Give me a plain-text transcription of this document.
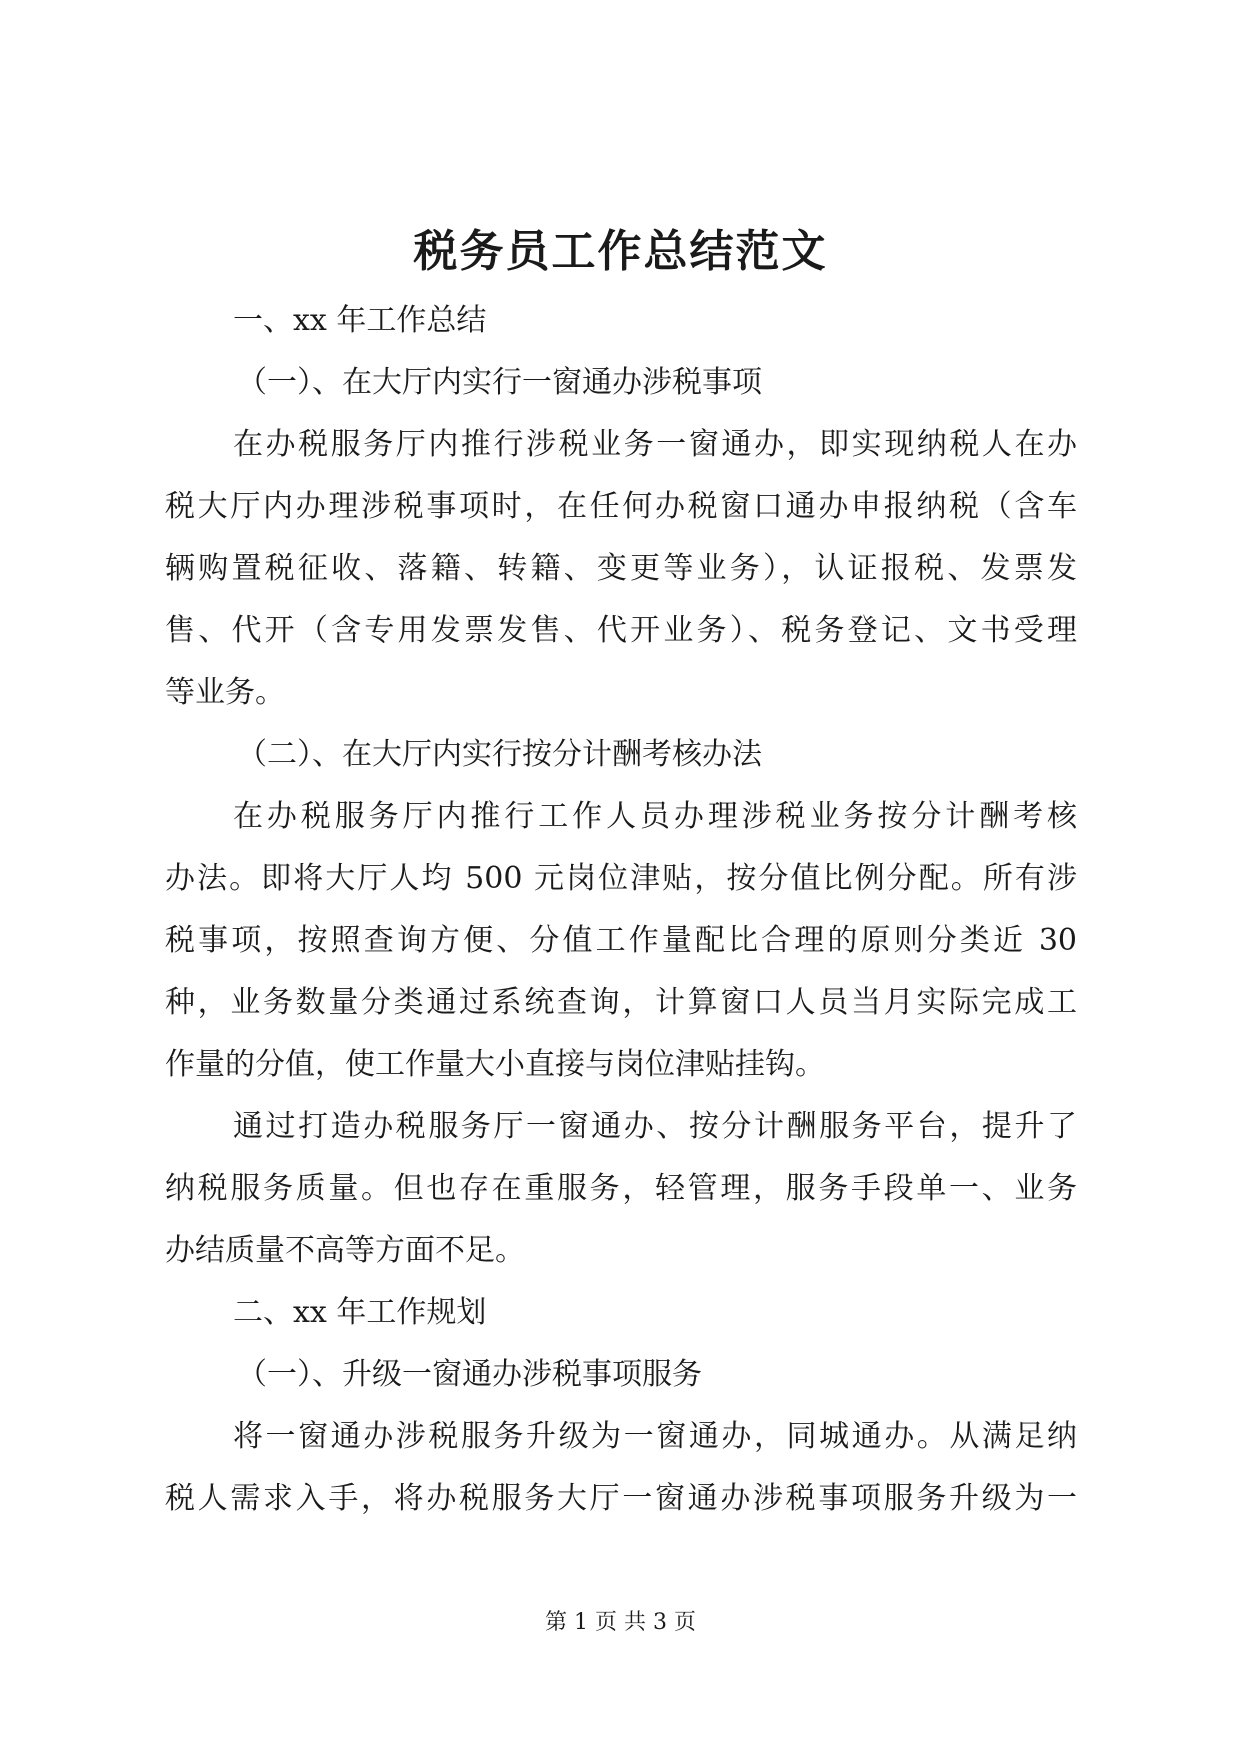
税务员工作总结范文

一、xx 年工作总结

（一）、在大厅内实行一窗通办涉税事项

在办税服务厅内推行涉税业务一窗通办，即实现纳税人在办

税大厅内办理涉税事项时，在任何办税窗口通办申报纳税（含车

辆购置税征收、落籍、转籍、变更等业务），认证报税、发票发

售、代开（含专用发票发售、代开业务）、税务登记、文书受理

等业务。

（二）、在大厅内实行按分计酬考核办法

在办税服务厅内推行工作人员办理涉税业务按分计酬考核

办法。即将大厅人均 500 元岗位津贴，按分值比例分配。所有涉

税事项，按照查询方便、分值工作量配比合理的原则分类近 30

种，业务数量分类通过系统查询，计算窗口人员当月实际完成工

作量的分值，使工作量大小直接与岗位津贴挂钩。

通过打造办税服务厅一窗通办、按分计酬服务平台，提升了

纳税服务质量。但也存在重服务，轻管理，服务手段单一、业务

办结质量不高等方面不足。

二、xx 年工作规划

（一）、升级一窗通办涉税事项服务

将一窗通办涉税服务升级为一窗通办，同城通办。从满足纳

税人需求入手，将办税服务大厅一窗通办涉税事项服务升级为一

第 1 页 共 3 页
